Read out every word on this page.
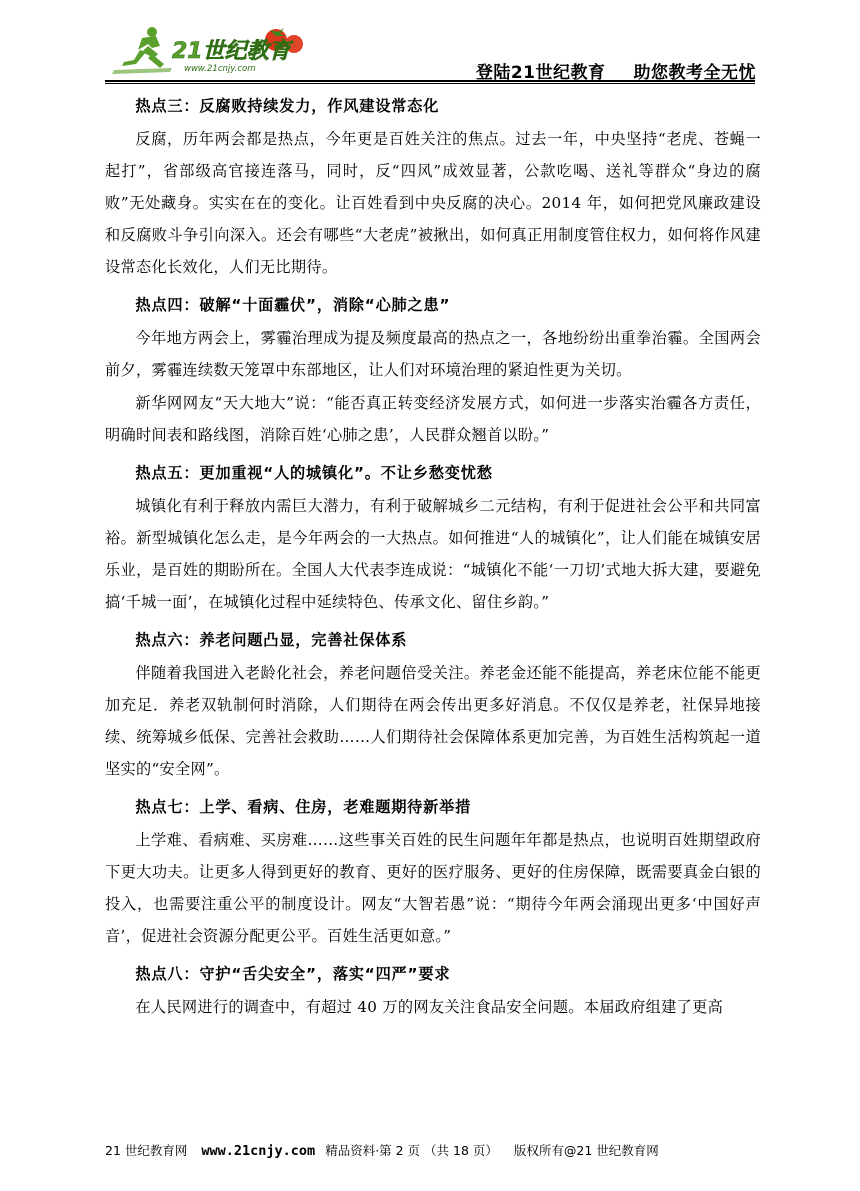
21世纪教育
www.21cnjy.com	登陆21世纪教育 助您教考全无忧

热点三：反腐败持续发力，作风建设常态化

反腐，历年两会都是热点，今年更是百姓关注的焦点。过去一年，中央坚持“老虎、苍蝇一起打”，省部级高官接连落马，同时，反“四风”成效显著，公款吃喝、送礼等群众“身边的腐败”无处藏身。实实在在的变化。让百姓看到中央反腐的决心。2014 年，如何把党风廉政建设和反腐败斗争引向深入。还会有哪些“大老虎”被揪出，如何真正用制度管住权力，如何将作风建设常态化长效化，人们无比期待。

热点四：破解“十面霾伏”，消除“心肺之患”

今年地方两会上，雾霾治理成为提及频度最高的热点之一，各地纷纷出重拳治霾。全国两会前夕，雾霾连续数天笼罩中东部地区，让人们对环境治理的紧迫性更为关切。

新华网网友“天大地大”说：“能否真正转变经济发展方式，如何进一步落实治霾各方责任，明确时间表和路线图，消除百姓‘心肺之患’，人民群众翘首以盼。”

热点五：更加重视“人的城镇化”。不让乡愁变忧愁

城镇化有利于释放内需巨大潜力，有利于破解城乡二元结构，有利于促进社会公平和共同富裕。新型城镇化怎么走，是今年两会的一大热点。如何推进“人的城镇化”，让人们能在城镇安居乐业，是百姓的期盼所在。全国人大代表李连成说：“城镇化不能‘一刀切’式地大拆大建，要避免搞‘千城一面’，在城镇化过程中延续特色、传承文化、留住乡韵。”

热点六：养老问题凸显，完善社保体系

伴随着我国进入老龄化社会，养老问题倍受关注。养老金还能不能提高，养老床位能不能更加充足．养老双轨制何时消除，人们期待在两会传出更多好消息。不仅仅是养老，社保异地接续、统筹城乡低保、完善社会救助……人们期待社会保障体系更加完善，为百姓生活构筑起一道坚实的“安全网”。

热点七：上学、看病、住房，老难题期待新举措

上学难、看病难、买房难……这些事关百姓的民生问题年年都是热点，也说明百姓期望政府下更大功夫。让更多人得到更好的教育、更好的医疗服务、更好的住房保障，既需要真金白银的投入，也需要注重公平的制度设计。网友“大智若愚”说：“期待今年两会涌现出更多‘中国好声音’，促进社会资源分配更公平。百姓生活更如意。”

热点八：守护“舌尖安全”，落实“四严”要求

在人民网进行的调查中，有超过 40 万的网友关注食品安全问题。本届政府组建了更高

21 世纪教育网 www.21cnjy.com 精品资料·第 2 页 （共 18 页） 版权所有@21 世纪教育网
